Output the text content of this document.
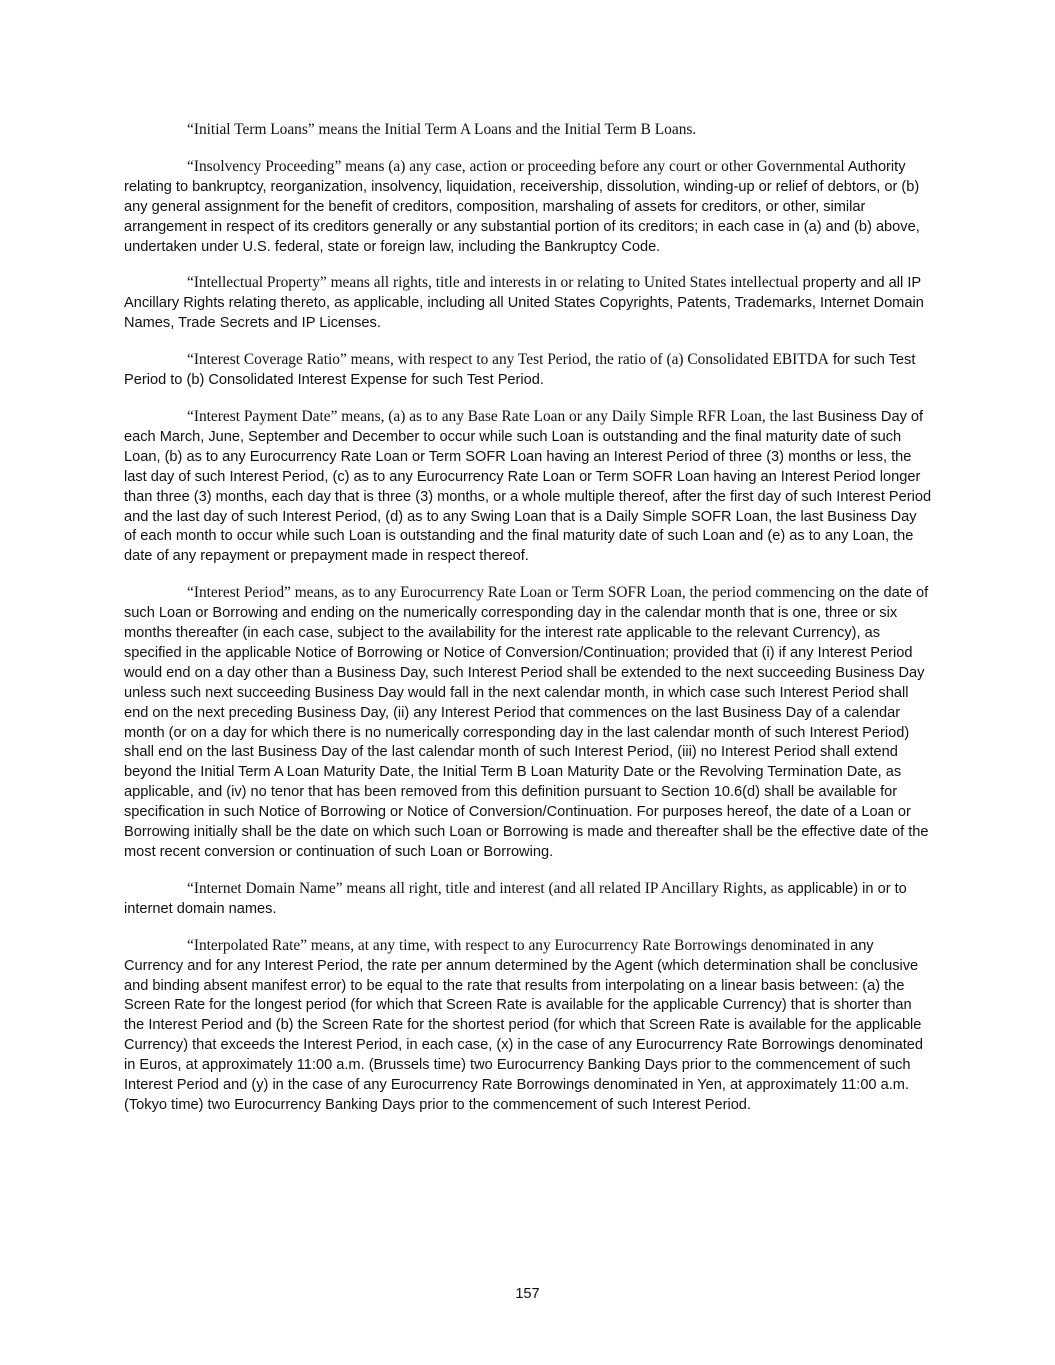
“Initial Term Loans” means the Initial Term A Loans and the Initial Term B Loans.

“Insolvency Proceeding” means (a) any case, action or proceeding before any court or other Governmental Authority relating to bankruptcy, reorganization, insolvency, liquidation, receivership, dissolution, winding-up or relief of debtors, or (b) any general assignment for the benefit of creditors, composition, marshaling of assets for creditors, or other, similar arrangement in respect of its creditors generally or any substantial portion of its creditors; in each case in (a) and (b) above, undertaken under U.S. federal, state or foreign law, including the Bankruptcy Code.

“Intellectual Property” means all rights, title and interests in or relating to United States intellectual property and all IP Ancillary Rights relating thereto, as applicable, including all United States Copyrights, Patents, Trademarks, Internet Domain Names, Trade Secrets and IP Licenses.

“Interest Coverage Ratio” means, with respect to any Test Period, the ratio of (a) Consolidated EBITDA for such Test Period to (b) Consolidated Interest Expense for such Test Period.

“Interest Payment Date” means, (a) as to any Base Rate Loan or any Daily Simple RFR Loan, the last Business Day of each March, June, September and December to occur while such Loan is outstanding and the final maturity date of such Loan, (b) as to any Eurocurrency Rate Loan or Term SOFR Loan having an Interest Period of three (3) months or less, the last day of such Interest Period, (c) as to any Eurocurrency Rate Loan or Term SOFR Loan having an Interest Period longer than three (3) months, each day that is three (3) months, or a whole multiple thereof, after the first day of such Interest Period and the last day of such Interest Period, (d) as to any Swing Loan that is a Daily Simple SOFR Loan, the last Business Day of each month to occur while such Loan is outstanding and the final maturity date of such Loan and (e) as to any Loan, the date of any repayment or prepayment made in respect thereof.

“Interest Period” means, as to any Eurocurrency Rate Loan or Term SOFR Loan, the period commencing on the date of such Loan or Borrowing and ending on the numerically corresponding day in the calendar month that is one, three or six months thereafter (in each case, subject to the availability for the interest rate applicable to the relevant Currency), as specified in the applicable Notice of Borrowing or Notice of Conversion/Continuation; provided that (i) if any Interest Period would end on a day other than a Business Day, such Interest Period shall be extended to the next succeeding Business Day unless such next succeeding Business Day would fall in the next calendar month, in which case such Interest Period shall end on the next preceding Business Day, (ii) any Interest Period that commences on the last Business Day of a calendar month (or on a day for which there is no numerically corresponding day in the last calendar month of such Interest Period) shall end on the last Business Day of the last calendar month of such Interest Period, (iii) no Interest Period shall extend beyond the Initial Term A Loan Maturity Date, the Initial Term B Loan Maturity Date or the Revolving Termination Date, as applicable, and (iv) no tenor that has been removed from this definition pursuant to Section 10.6(d) shall be available for specification in such Notice of Borrowing or Notice of Conversion/Continuation. For purposes hereof, the date of a Loan or Borrowing initially shall be the date on which such Loan or Borrowing is made and thereafter shall be the effective date of the most recent conversion or continuation of such Loan or Borrowing.

“Internet Domain Name” means all right, title and interest (and all related IP Ancillary Rights, as applicable) in or to internet domain names.

“Interpolated Rate” means, at any time, with respect to any Eurocurrency Rate Borrowings denominated in any Currency and for any Interest Period, the rate per annum determined by the Agent (which determination shall be conclusive and binding absent manifest error) to be equal to the rate that results from interpolating on a linear basis between: (a) the Screen Rate for the longest period (for which that Screen Rate is available for the applicable Currency) that is shorter than the Interest Period and (b) the Screen Rate for the shortest period (for which that Screen Rate is available for the applicable Currency) that exceeds the Interest Period, in each case, (x) in the case of any Eurocurrency Rate Borrowings denominated in Euros, at approximately 11:00 a.m. (Brussels time) two Eurocurrency Banking Days prior to the commencement of such Interest Period and (y) in the case of any Eurocurrency Rate Borrowings denominated in Yen, at approximately 11:00 a.m. (Tokyo time) two Eurocurrency Banking Days prior to the commencement of such Interest Period.

157
